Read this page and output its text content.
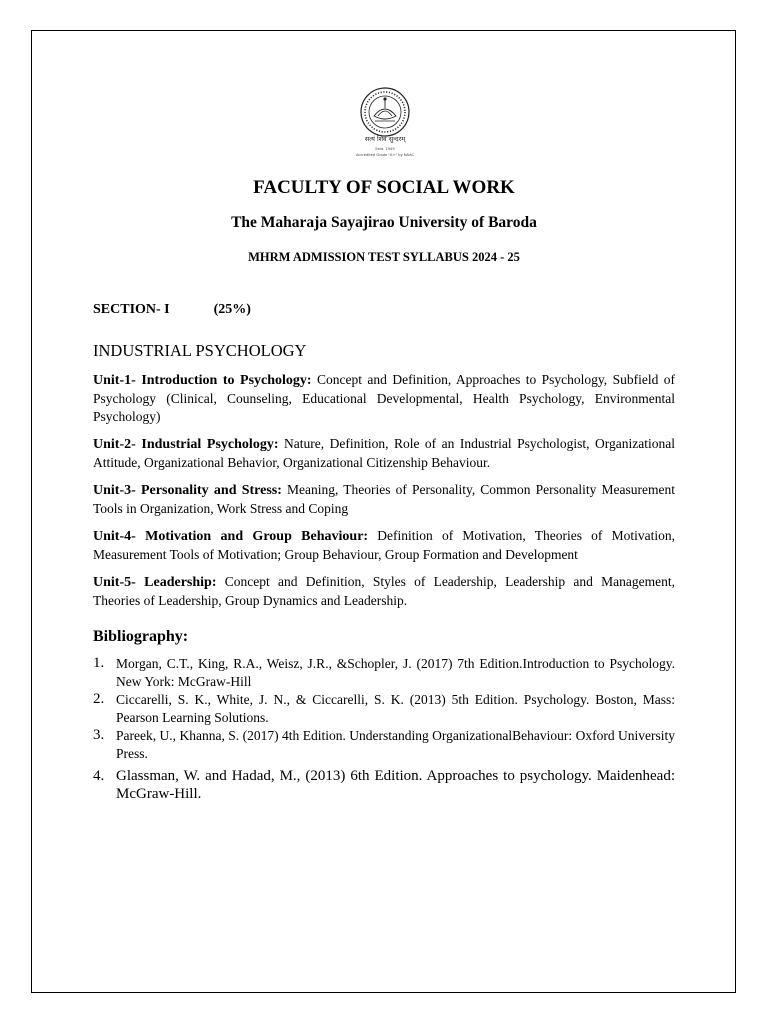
सत्यं शिवं सुन्दरम्
Estd. 1949
Accredited Grade "A+" by NAAC
FACULTY OF SOCIAL WORK
The Maharaja Sayajirao University of Baroda
MHRM ADMISSION TEST SYLLABUS 2024 - 25
SECTION- I	(25%)
INDUSTRIAL PSYCHOLOGY

Unit-1- Introduction to Psychology: Concept and Definition, Approaches to Psychology, Subfield of Psychology (Clinical, Counseling, Educational Developmental, Health Psychology, Environmental Psychology)

Unit-2- Industrial Psychology: Nature, Definition, Role of an Industrial Psychologist, Organizational Attitude, Organizational Behavior, Organizational Citizenship Behaviour.

Unit-3- Personality and Stress: Meaning, Theories of Personality, Common Personality Measurement Tools in Organization, Work Stress and Coping

Unit-4- Motivation and Group Behaviour: Definition of Motivation, Theories of Motivation, Measurement Tools of Motivation; Group Behaviour, Group Formation and Development

Unit-5- Leadership: Concept and Definition, Styles of Leadership, Leadership and Management, Theories of Leadership, Group Dynamics and Leadership.

Bibliography:
1. Morgan, C.T., King, R.A., Weisz, J.R., &Schopler, J. (2017) 7th Edition.Introduction to Psychology. New York: McGraw-Hill
2. Ciccarelli, S. K., White, J. N., & Ciccarelli, S. K. (2013) 5th Edition. Psychology. Boston, Mass: Pearson Learning Solutions.
3. Pareek, U., Khanna, S. (2017) 4th Edition. Understanding OrganizationalBehaviour: Oxford University Press.
4. Glassman, W. and Hadad, M., (2013) 6th Edition. Approaches to psychology. Maidenhead: McGraw-Hill.
